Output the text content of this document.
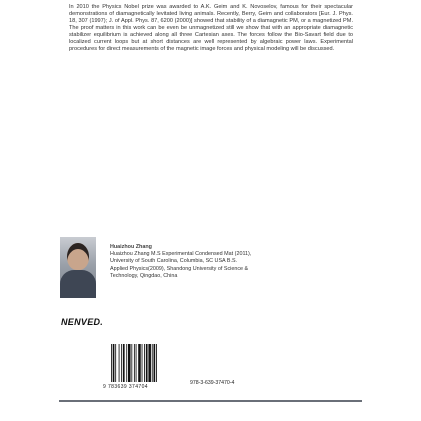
In 2010 the Physics Nobel prize was awarded to A.K. Geim and K. Novoselov, famous for their spectacular demonstrations of diamagnetically levitated living animals. Recently, Berry, Geim and collaborators [Eur. J. Phys. 18, 307 (1997); J. of Appl. Phys. 87, 6200 (2000)] showed that stability of a diamagnetic PM, or a magnetized PM. The proof matters in this work can be even be unmagnetized still we show that with an appropriate diamagnetic stabilizer equilibrium is achieved along all three Cartesian axes. The forces follow the Bio-Savart field due to localized current loops but at short distances are well represented by algebraic power laws. Experimental procedures for direct measurements of the magnetic image forces and physical modeling will be discussed.
Huaizhou Zhang
Huaizhou Zhang M.S Experimental Condensed Mat (2011),
University of South Carolina, Columbia, SC USA B.S.
Applied Physics(2009), Shandong University of Science &
Technology, Qingdao, China
NENVED.
9 783639 374704
978-3-639-37470-4
